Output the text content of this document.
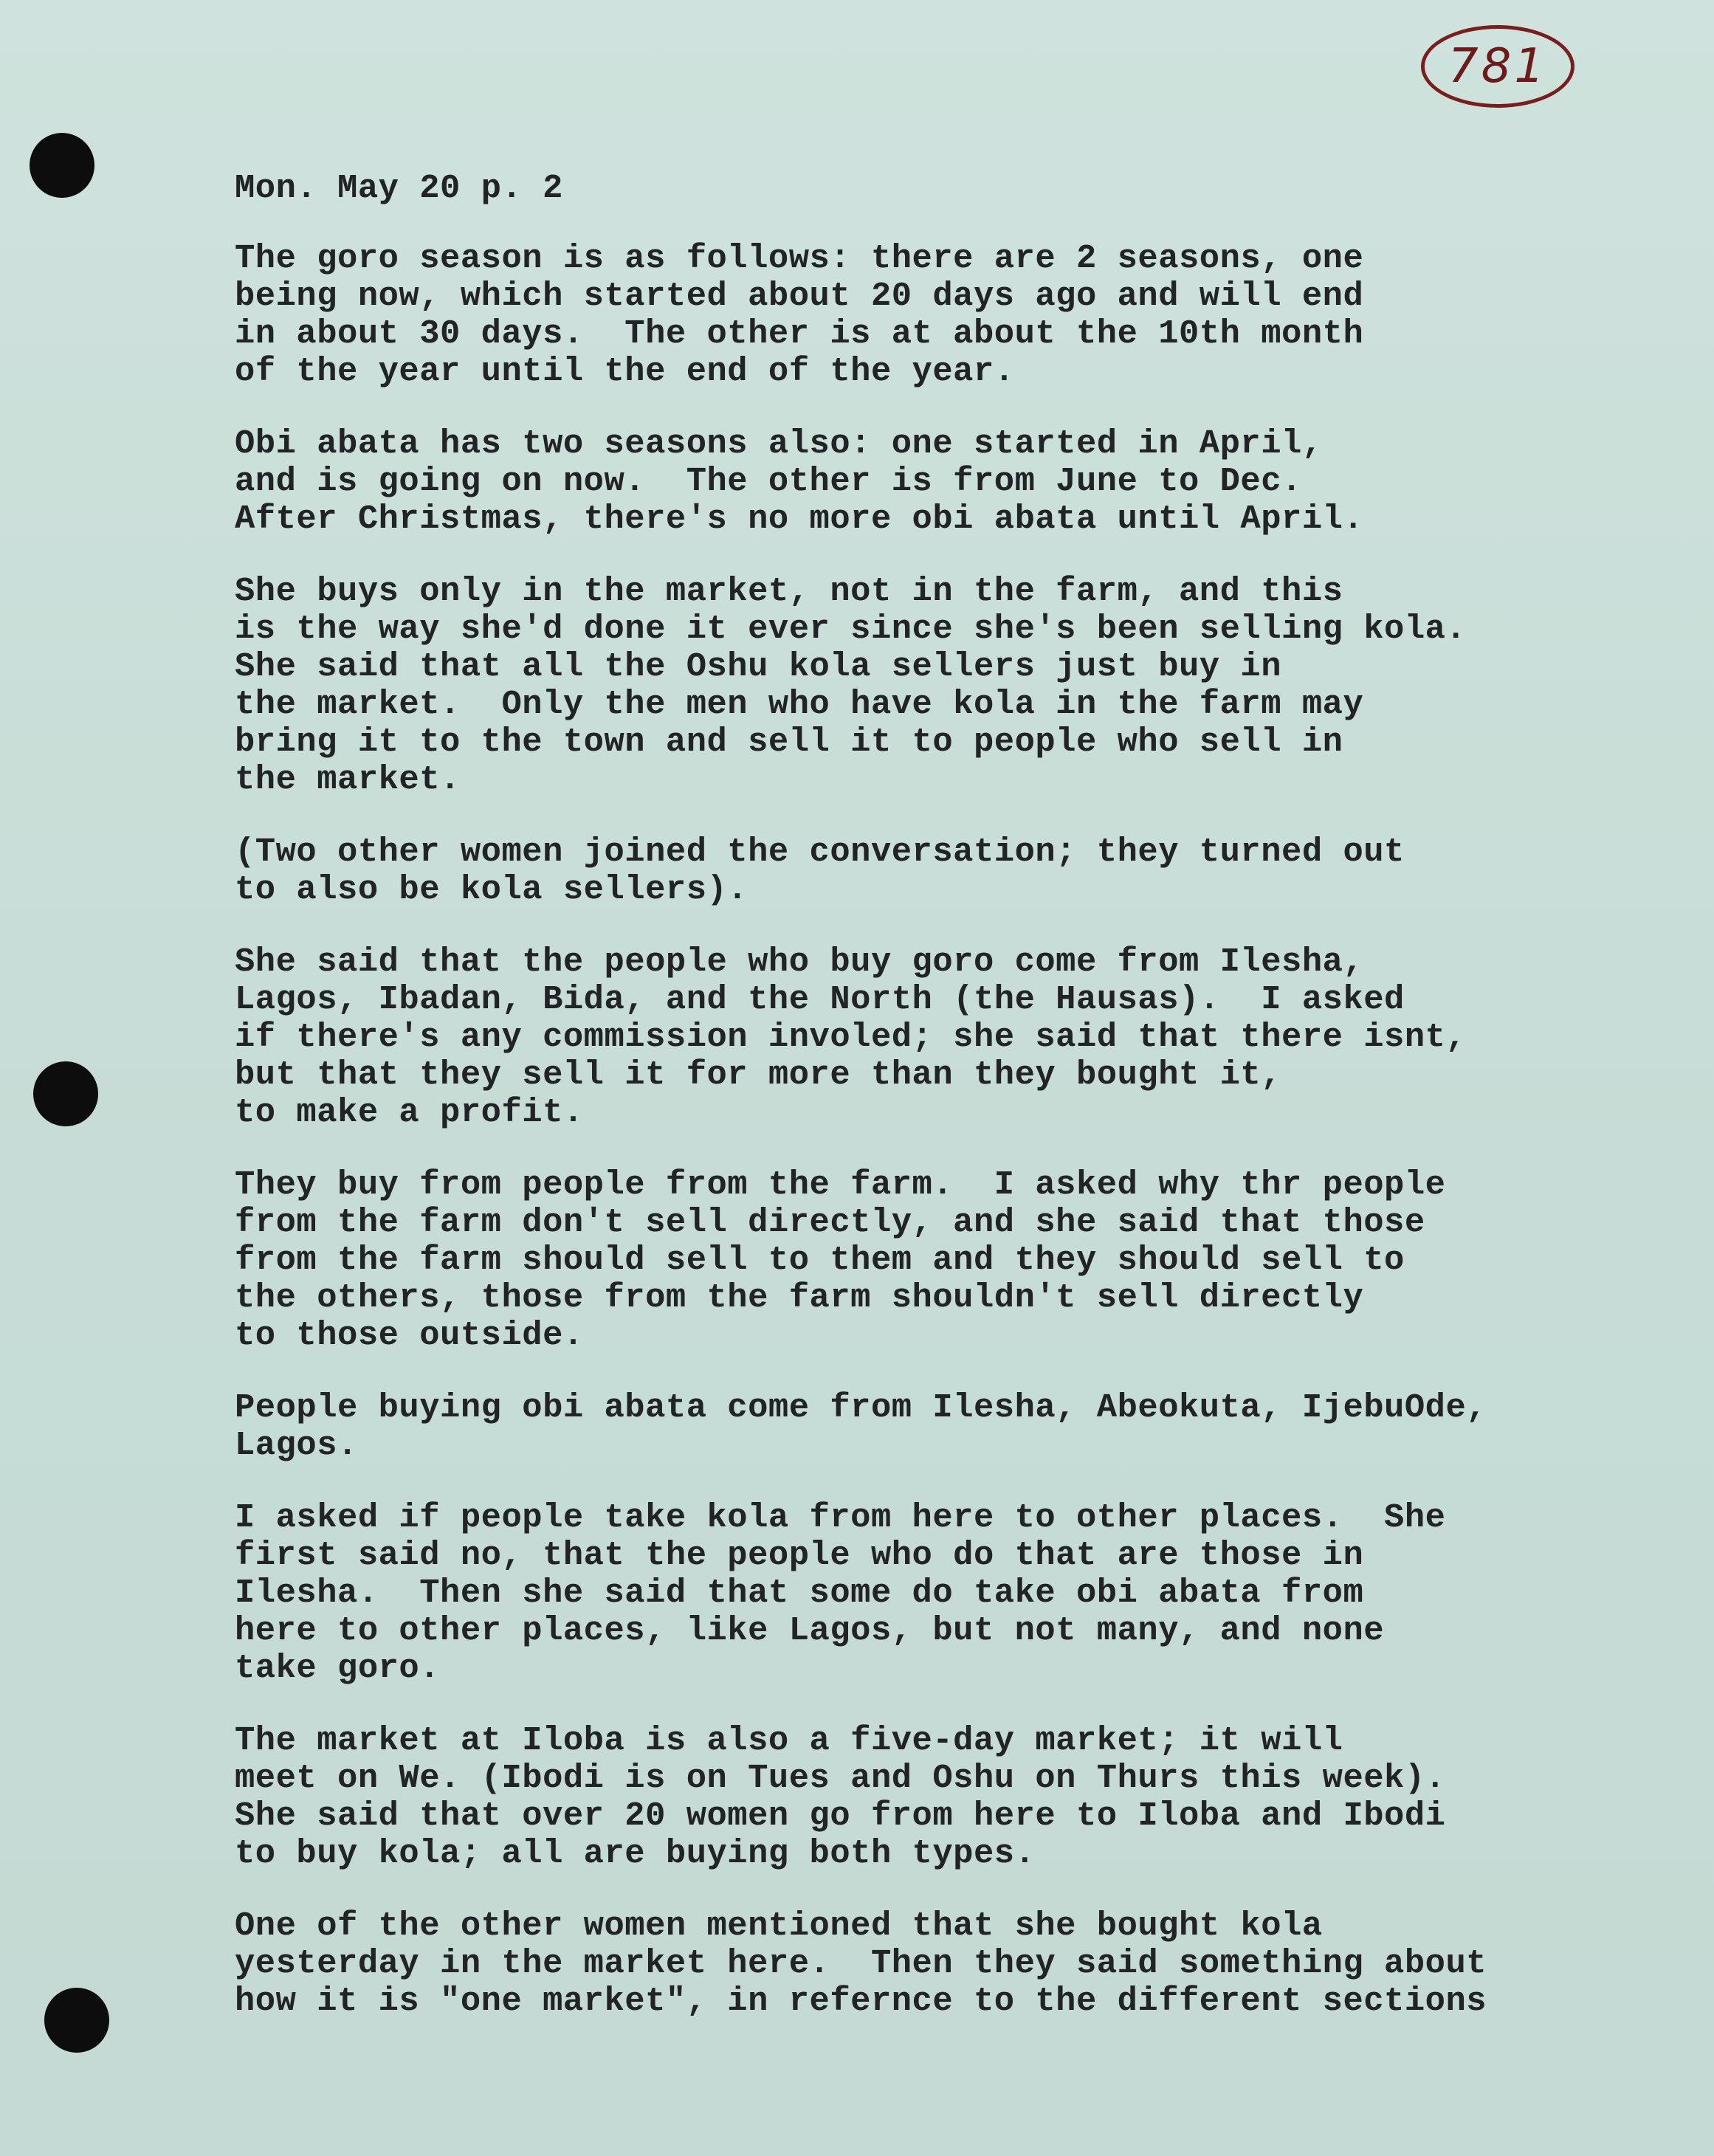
781
Mon. May 20 p. 2
The goro season is as follows: there are 2 seasons, one
being now, which started about 20 days ago and will end
in about 30 days.  The other is at about the 10th month
of the year until the end of the year.
Obi abata has two seasons also: one started in April,
and is going on now.  The other is from June to Dec.
After Christmas, there's no more obi abata until April.
She buys only in the market, not in the farm, and this
is the way she'd done it ever since she's been selling kola.
She said that all the Oshu kola sellers just buy in
the market.  Only the men who have kola in the farm may
bring it to the town and sell it to people who sell in
the market.
(Two other women joined the conversation; they turned out
to also be kola sellers).
She said that the people who buy goro come from Ilesha,
Lagos, Ibadan, Bida, and the North (the Hausas).  I asked
if there's any commission involed; she said that there isnt,
but that they sell it for more than they bought it,
to make a profit.
They buy from people from the farm.  I asked why thr people
from the farm don't sell directly, and she said that those
from the farm should sell to them and they should sell to
the others, those from the farm shouldn't sell directly
to those outside.
People buying obi abata come from Ilesha, Abeokuta, IjebuOde,
Lagos.
I asked if people take kola from here to other places.  She
first said no, that the people who do that are those in
Ilesha.  Then she said that some do take obi abata from
here to other places, like Lagos, but not many, and none
take goro.
The market at Iloba is also a five-day market; it will
meet on We. (Ibodi is on Tues and Oshu on Thurs this week).
She said that over 20 women go from here to Iloba and Ibodi
to buy kola; all are buying both types.
One of the other women mentioned that she bought kola
yesterday in the market here.  Then they said something about
how it is "one market", in refernce to the different sections
